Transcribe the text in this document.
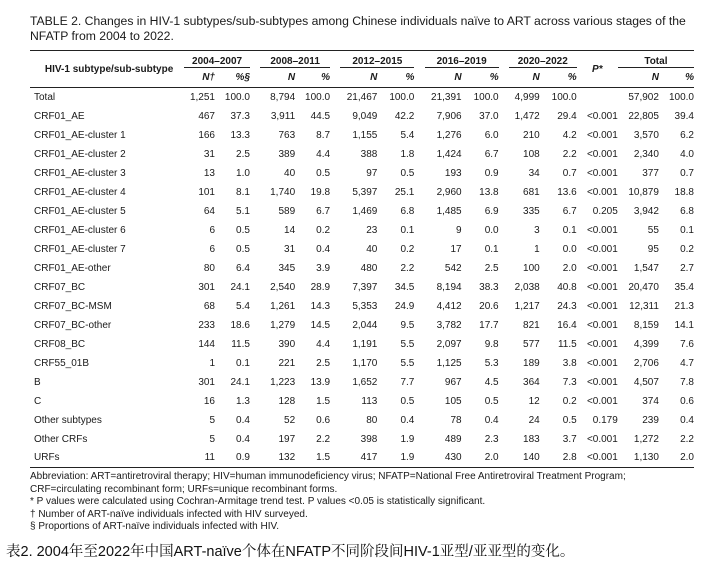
TABLE 2. Changes in HIV-1 subtypes/sub-subtypes among Chinese individuals naïve to ART across various stages of the
NFATP from 2004 to 2022.
HIV-1 subtype/sub-subtype	2004–2007			2008–2011			2012–2015			2016–2019			2020–2022		P*	Total	
	N†	%§		N	%		N	%		N	%		N	%		N	%
Total	1,251	100.0		8,794	100.0		21,467	100.0		21,391	100.0		4,999	100.0		57,902	100.0
CRF01_AE	467	37.3		3,911	44.5		9,049	42.2		7,906	37.0		1,472	29.4	<0.001	22,805	39.4
CRF01_AE-cluster 1	166	13.3		763	8.7		1,155	5.4		1,276	6.0		210	4.2	<0.001	3,570	6.2
CRF01_AE-cluster 2	31	2.5		389	4.4		388	1.8		1,424	6.7		108	2.2	<0.001	2,340	4.0
CRF01_AE-cluster 3	13	1.0		40	0.5		97	0.5		193	0.9		34	0.7	<0.001	377	0.7
CRF01_AE-cluster 4	101	8.1		1,740	19.8		5,397	25.1		2,960	13.8		681	13.6	<0.001	10,879	18.8
CRF01_AE-cluster 5	64	5.1		589	6.7		1,469	6.8		1,485	6.9		335	6.7	0.205	3,942	6.8
CRF01_AE-cluster 6	6	0.5		14	0.2		23	0.1		9	0.0		3	0.1	<0.001	55	0.1
CRF01_AE-cluster 7	6	0.5		31	0.4		40	0.2		17	0.1		1	0.0	<0.001	95	0.2
CRF01_AE-other	80	6.4		345	3.9		480	2.2		542	2.5		100	2.0	<0.001	1,547	2.7
CRF07_BC	301	24.1		2,540	28.9		7,397	34.5		8,194	38.3		2,038	40.8	<0.001	20,470	35.4
CRF07_BC-MSM	68	5.4		1,261	14.3		5,353	24.9		4,412	20.6		1,217	24.3	<0.001	12,311	21.3
CRF07_BC-other	233	18.6		1,279	14.5		2,044	9.5		3,782	17.7		821	16.4	<0.001	8,159	14.1
CRF08_BC	144	11.5		390	4.4		1,191	5.5		2,097	9.8		577	11.5	<0.001	4,399	7.6
CRF55_01B	1	0.1		221	2.5		1,170	5.5		1,125	5.3		189	3.8	<0.001	2,706	4.7
B	301	24.1		1,223	13.9		1,652	7.7		967	4.5		364	7.3	<0.001	4,507	7.8
C	16	1.3		128	1.5		113	0.5		105	0.5		12	0.2	<0.001	374	0.6
Other subtypes	5	0.4		52	0.6		80	0.4		78	0.4		24	0.5	0.179	239	0.4
Other CRFs	5	0.4		197	2.2		398	1.9		489	2.3		183	3.7	<0.001	1,272	2.2
URFs	11	0.9		132	1.5		417	1.9		430	2.0		140	2.8	<0.001	1,130	2.0
Abbreviation: ART=antiretroviral therapy; HIV=human immunodeficiency virus; NFATP=National Free Antiretroviral Treatment Program;
CRF=circulating recombinant form; URFs=unique recombinant forms.
* P values were calculated using Cochran-Armitage trend test. P values <0.05 is statistically significant.
† Number of ART-naïve individuals infected with HIV surveyed.
§ Proportions of ART-naïve individuals infected with HIV.
表2. 2004年至2022年中国ART-naïve个体在NFATP不同阶段间HIV-1亚型/亚亚型的变化。
